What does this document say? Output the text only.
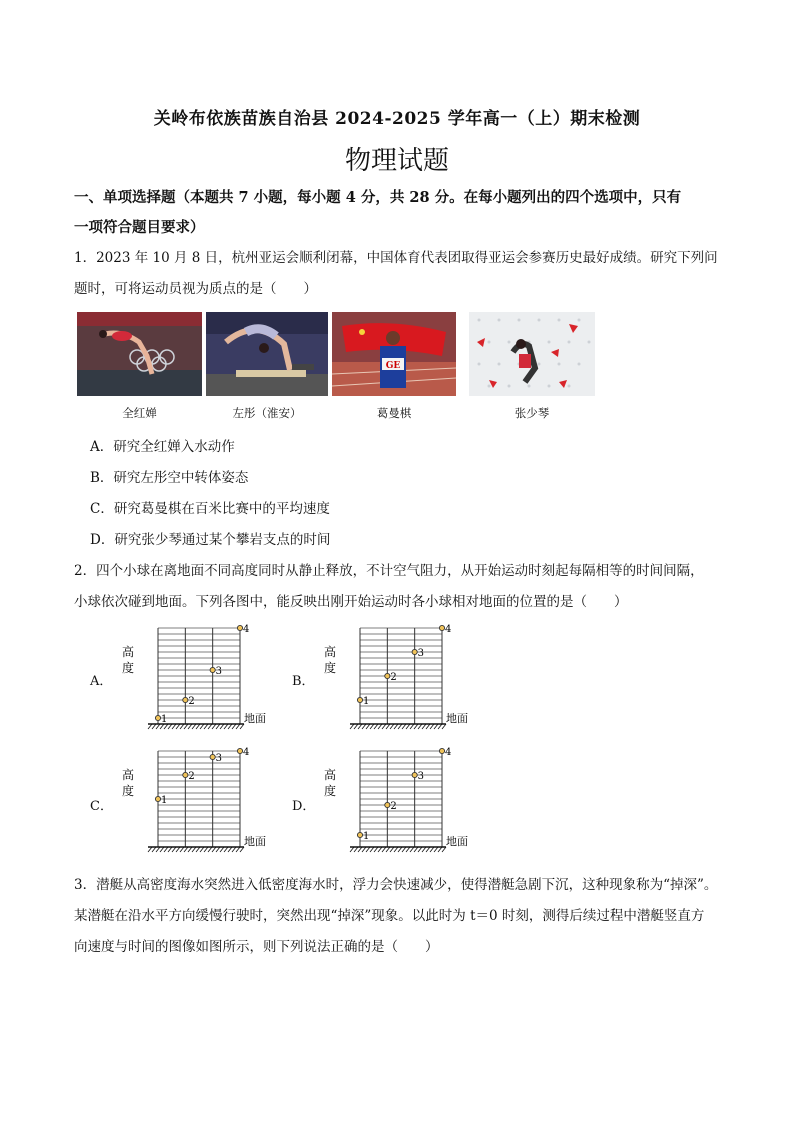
关岭布依族苗族自治县 2024-2025 学年高一（上）期末检测
物理试题
一、单项选择题（本题共 7 小题，每小题 4 分，共 28 分。在每小题列出的四个选项中，只有
一项符合题目要求）
1．2023 年 10 月 8 日，杭州亚运会顺利闭幕，中国体育代表团取得亚运会参赛历史最好成绩。研究下列问
题时，可将运动员视为质点的是（　　）
GE
全红婵	左彤（淮安）	葛曼棋	张少琴
A．研究全红婵入水动作
B．研究左彤空中转体姿态
C．研究葛曼棋在百米比赛中的平均速度
D．研究张少琴通过某个攀岩支点的时间
2．四个小球在离地面不同高度同时从静止释放，不计空气阻力，从开始运动时刻起每隔相等的时间间隔，
小球依次碰到地面。下列各图中，能反映出刚开始运动时各小球相对地面的位置的是（　　）
A．
高
度
地面
1
2
3
4
B．
高
度
地面
1
2
3
4
C．
高
度
地面
1
2
3
4
D．
高
度
地面
1
2
3
4
3．潜艇从高密度海水突然进入低密度海水时，浮力会快速减少，使得潜艇急剧下沉，这种现象称为“掉深”。
某潜艇在沿水平方向缓慢行驶时，突然出现“掉深”现象。以此时为 t＝0 时刻，测得后续过程中潜艇竖直方
向速度与时间的图像如图所示，则下列说法正确的是（　　）
